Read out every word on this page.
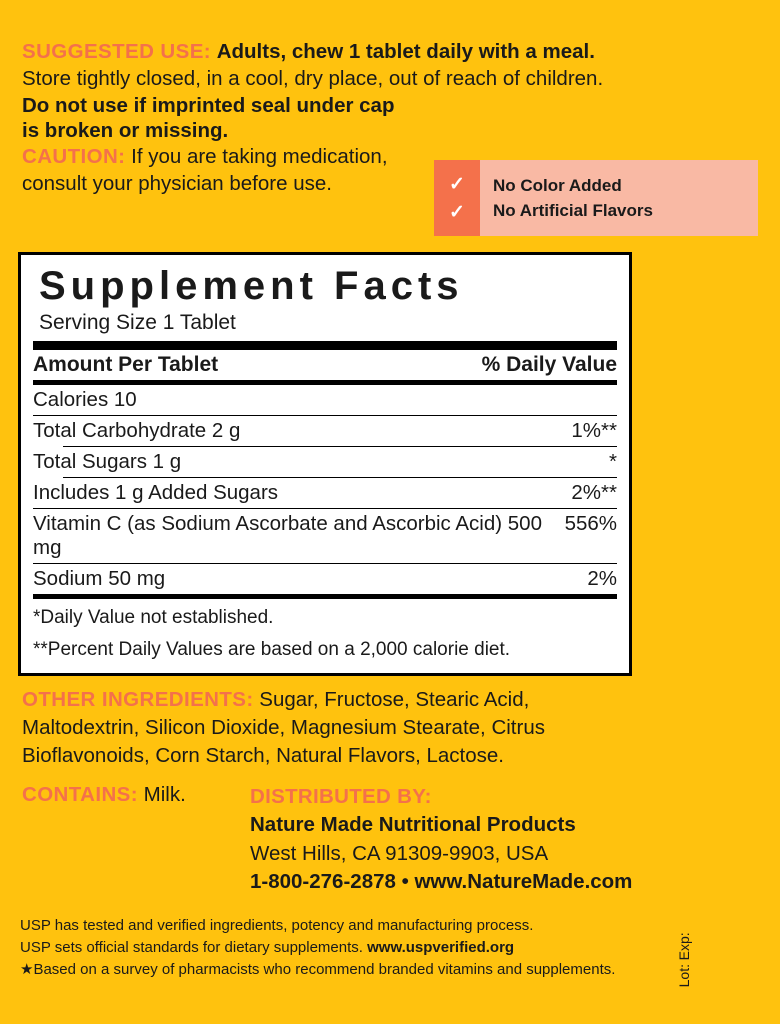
SUGGESTED USE: Adults, chew 1 tablet daily with a meal.
Store tightly closed, in a cool, dry place, out of reach of children.
Do not use if imprinted seal under cap
is broken or missing.
CAUTION: If you are taking medication,
consult your physician before use.	✓
✓
No Color Added
No Artificial Flavors
Supplement Facts
Serving Size 1 Tablet
Amount Per Tablet	% Daily Value
Calories 10	
Total Carbohydrate 2 g	1%**
Total Sugars 1 g	*
Includes 1 g Added Sugars	2%**
Vitamin C (as Sodium Ascorbate and Ascorbic Acid) 500 mg	556%
Sodium 50 mg	2%
*Daily Value not established.
**Percent Daily Values are based on a 2,000 calorie diet.
OTHER INGREDIENTS: Sugar, Fructose, Stearic Acid, Maltodextrin, Silicon Dioxide, Magnesium Stearate, Citrus Bioflavonoids, Corn Starch, Natural Flavors, Lactose.
CONTAINS: Milk.	DISTRIBUTED BY:
Nature Made Nutritional Products
West Hills, CA 91309-9903, USA
1-800-276-2878 • www.NatureMade.com
USP has tested and verified ingredients, potency and manufacturing process.
USP sets official standards for dietary supplements. www.uspverified.org
★Based on a survey of pharmacists who recommend branded vitamins and supplements.	Lot:
Exp:
